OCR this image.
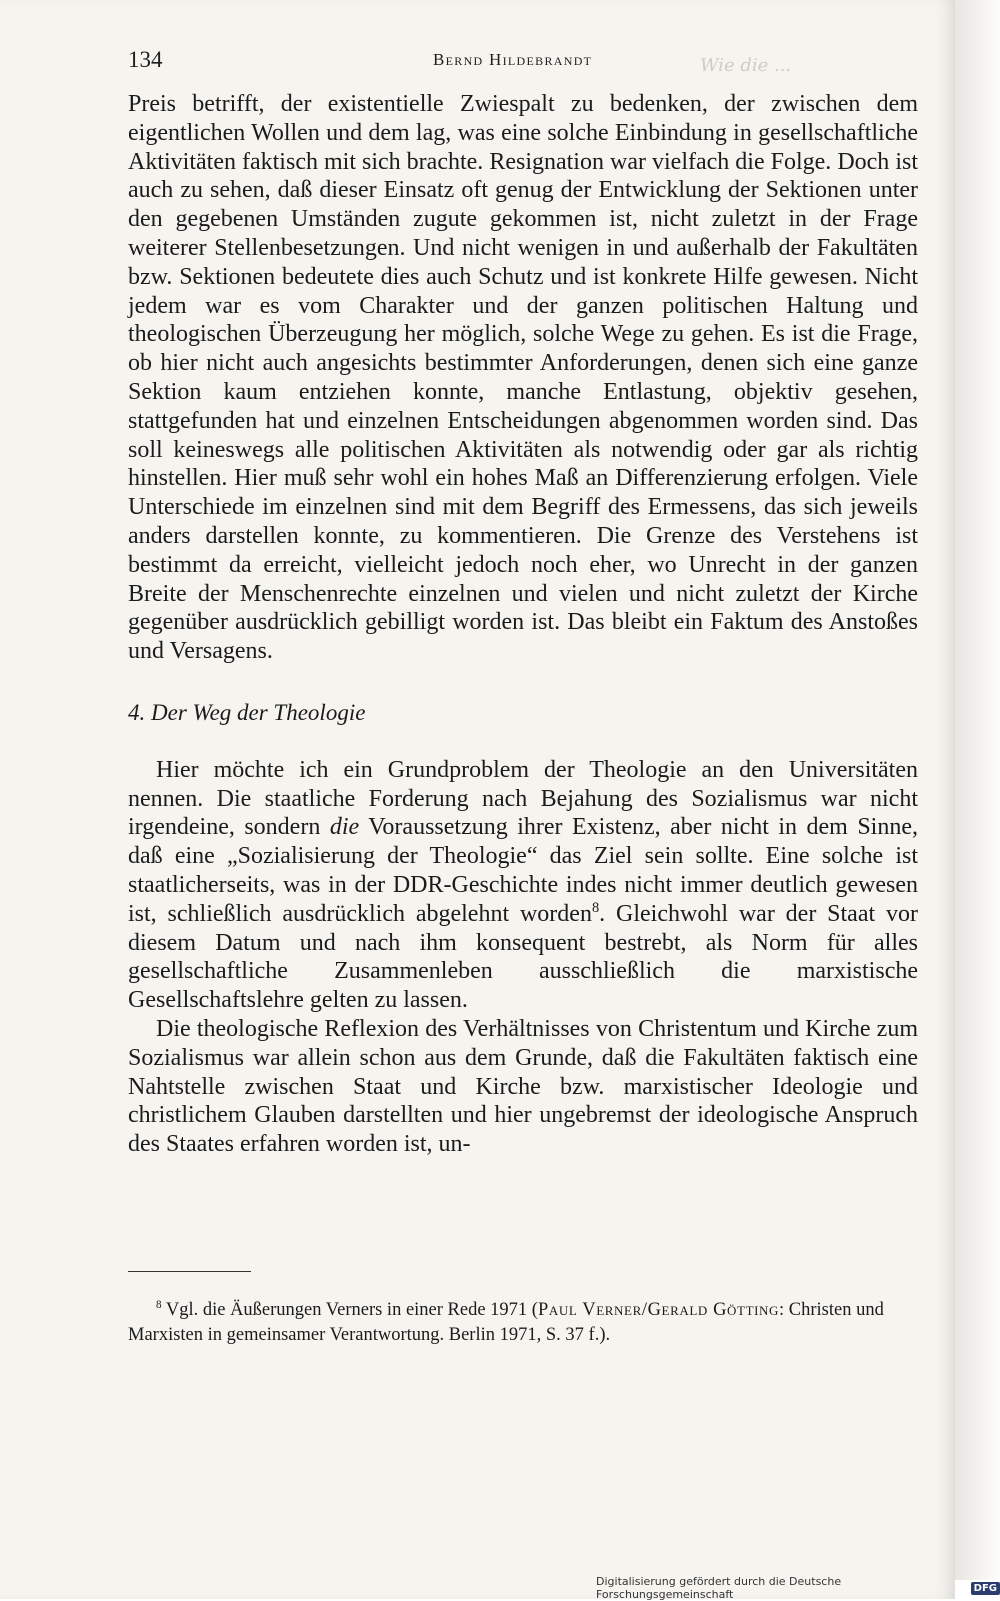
Wie die ...
134	Bernd Hildebrandt

Preis betrifft, der existentielle Zwiespalt zu bedenken, der zwischen dem eigentlichen Wollen und dem lag, was eine solche Einbindung in gesellschaftliche Aktivitäten faktisch mit sich brachte. Resignation war vielfach die Folge. Doch ist auch zu sehen, daß dieser Einsatz oft genug der Entwicklung der Sektionen unter den gegebenen Umständen zugute gekommen ist, nicht zuletzt in der Frage weiterer Stellenbesetzungen. Und nicht wenigen in und außerhalb der Fakultäten bzw. Sektionen bedeutete dies auch Schutz und ist konkrete Hilfe gewesen. Nicht jedem war es vom Charakter und der ganzen politischen Haltung und theologischen Überzeugung her möglich, solche Wege zu gehen. Es ist die Frage, ob hier nicht auch angesichts bestimmter Anforderungen, denen sich eine ganze Sektion kaum entziehen konnte, manche Entlastung, objektiv gesehen, stattgefunden hat und einzelnen Entscheidungen abgenommen worden sind. Das soll keineswegs alle politischen Aktivitäten als notwendig oder gar als richtig hinstellen. Hier muß sehr wohl ein hohes Maß an Differenzierung erfolgen. Viele Unterschiede im einzelnen sind mit dem Begriff des Ermessens, das sich jeweils anders darstellen konnte, zu kommentieren. Die Grenze des Verstehens ist bestimmt da erreicht, vielleicht jedoch noch eher, wo Unrecht in der ganzen Breite der Menschenrechte einzelnen und vielen und nicht zuletzt der Kirche gegenüber ausdrücklich gebilligt worden ist. Das bleibt ein Faktum des Anstoßes und Versagens.

4. Der Weg der Theologie

Hier möchte ich ein Grundproblem der Theologie an den Universitäten nennen. Die staatliche Forderung nach Bejahung des Sozialismus war nicht irgendeine, sondern die Voraussetzung ihrer Existenz, aber nicht in dem Sinne, daß eine „Sozialisierung der Theologie“ das Ziel sein sollte. Eine solche ist staatlicherseits, was in der DDR-Geschichte indes nicht immer deutlich gewesen ist, schließlich ausdrücklich abgelehnt worden$^8$. Gleichwohl war der Staat vor diesem Datum und nach ihm konsequent bestrebt, als Norm für alles gesellschaftliche Zusammenleben ausschließlich die marxistische Gesellschaftslehre gelten zu lassen.

Die theologische Reflexion des Verhältnisses von Christentum und Kirche zum Sozialismus war allein schon aus dem Grunde, daß die Fakultäten faktisch eine Nahtstelle zwischen Staat und Kirche bzw. marxistischer Ideologie und christlichem Glauben darstellten und hier ungebremst der ideologische Anspruch des Staates erfahren worden ist, un-

$^8$ Vgl. die Äußerungen Verners in einer Rede 1971 (Paul Verner/Gerald Götting: Christen und Marxisten in gemeinsamer Verantwortung. Berlin 1971, S. 37 f.).
Digitalisierung gefördert durch die Deutsche Forschungsgemeinschaft	DFG
